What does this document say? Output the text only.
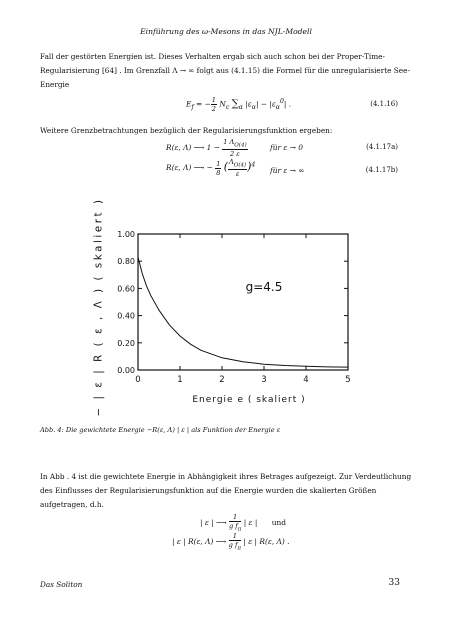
Einführung des ω-Mesons in das NJL-Modell
Fall der gestörten Energien ist. Dieses Verhalten ergab sich auch schon bei der Proper-Time-Regularisierung [64] . Im Grenzfall Λ → ∞ folgt aus (4.1.15) die Formel für die unregularisierte See-Energie
$E_f$ = − $\frac{1}{2} N_c$ $\sum_\alpha$ $|\varepsilon_\alpha| - |\varepsilon_\alpha^0|$ .	(4.1.16)
Weitere Grenzbetrachtungen bezüglich der Regularisierungsfunktion ergeben:
R(ε, Λ) ⟶ $1 - \frac{1 \Lambda_{O(4)}}{2 \varepsilon}$	für ε → 0	(4.1.17a)
R(ε, Λ) ⟶ − $\frac{1}{8}$ ( $\frac{\Lambda_{O(4)}}{\varepsilon} )^4$
für ε → ∞	(4.1.17b)
− | ε | R ( ε , Λ ) ( skaliert ) 0.00
0.20
0.40
0.60
0.80
1.00
0	1	2	3	4	5
g=4.5
Energie e ( skaliert )
Abb. 4: Die gewichtete Energie −R(ε, Λ) | ε | als Funktion der Energie ε
In Abb . 4 ist die gewichtete Energie in Abhängigkeit ihres Betrages aufgezeigt. Zur Verdeutlichung des Einflusses der Regularisierungsfunktion auf die Energie wurden die skalierten Größen aufgetragen, d.h.
| ε | ⟶ $\frac{1}{g f_\pi}$ | ε | und
| ε | R(ε, Λ) ⟶ $\frac{1}{g f_\pi}$ | ε | R(ε, Λ) .
Das Soliton	33
